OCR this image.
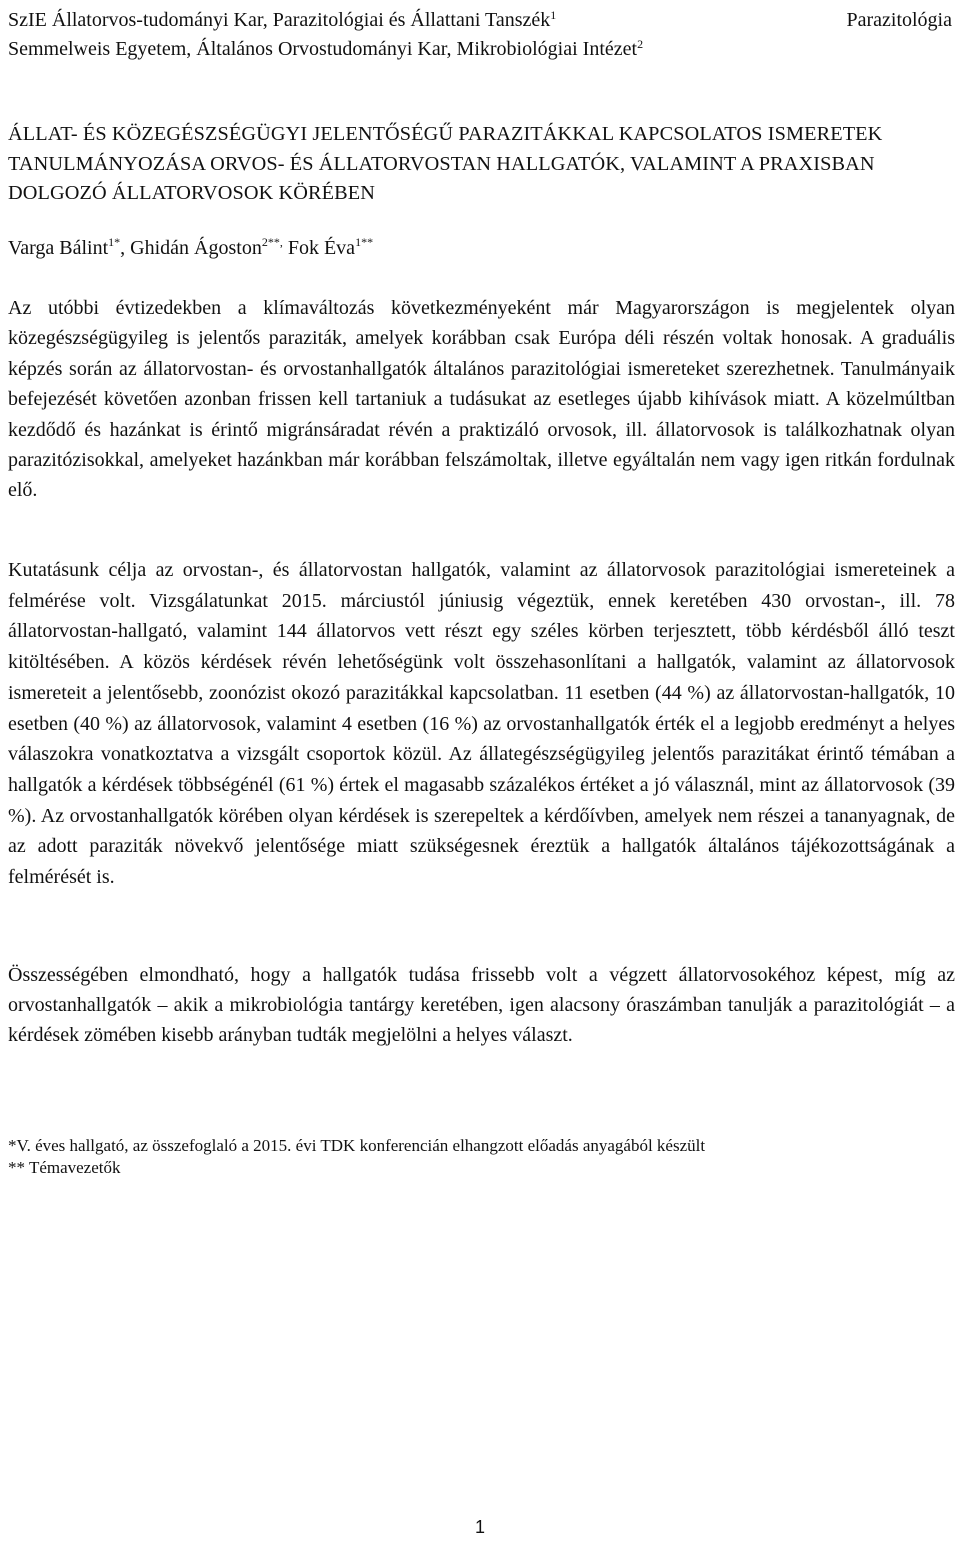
SzIE Állatorvos-tudományi Kar, Parazitológiai és Állattani Tanszék$^1$
Semmelweis Egyetem, Általános Orvostudományi Kar, Mikrobiológiai Intézet$^2$
Parazitológia
ÁLLAT- ÉS KÖZEGÉSZSÉGÜGYI JELENTŐSÉGŰ PARAZITÁKKAL KAPCSOLATOS ISMERETEK TANULMÁNYOZÁSA ORVOS- ÉS ÁLLATORVOSTAN HALLGATÓK, VALAMINT A PRAXISBAN DOLGOZÓ ÁLLATORVOSOK KÖRÉBEN
Varga Bálint$^{1*}$, Ghidán Ágoston$^{2**,}$ Fok Éva$^{1**}$

Az utóbbi évtizedekben a klímaváltozás következményeként már Magyarországon is megjelentek olyan közegészségügyileg is jelentős paraziták, amelyek korábban csak Európa déli részén voltak honosak. A graduális képzés során az állatorvostan- és orvostanhallgatók általános parazitológiai ismereteket szerezhetnek. Tanulmányaik befejezését követően azonban frissen kell tartaniuk a tudásukat az esetleges újabb kihívások miatt. A közelmúltban kezdődő és hazánkat is érintő migránsáradat révén a praktizáló orvosok, ill. állatorvosok is találkozhatnak olyan parazitózisokkal, amelyeket hazánkban már korábban felszámoltak, illetve egyáltalán nem vagy igen ritkán fordulnak elő.

Kutatásunk célja az orvostan-, és állatorvostan hallgatók, valamint az állatorvosok parazitológiai ismereteinek a felmérése volt. Vizsgálatunkat 2015. márciustól júniusig végeztük, ennek keretében 430 orvostan-, ill. 78 állatorvostan-hallgató, valamint 144 állatorvos vett részt egy széles körben terjesztett, több kérdésből álló teszt kitöltésében. A közös kérdések révén lehetőségünk volt összehasonlítani a hallgatók, valamint az állatorvosok ismereteit a jelentősebb, zoonózist okozó parazitákkal kapcsolatban. 11 esetben (44 %) az állatorvostan-hallgatók, 10 esetben (40 %) az állatorvosok, valamint 4 esetben (16 %) az orvostanhallgatók érték el a legjobb eredményt a helyes válaszokra vonatkoztatva a vizsgált csoportok közül. Az állategészségügyileg jelentős parazitákat érintő témában a hallgatók a kérdések többségénél (61 %) értek el magasabb százalékos értéket a jó válasznál, mint az állatorvosok (39 %). Az orvostanhallgatók körében olyan kérdések is szerepeltek a kérdőívben, amelyek nem részei a tananyagnak, de az adott paraziták növekvő jelentősége miatt szükségesnek éreztük a hallgatók általános tájékozottságának a felmérését is.

Összességében elmondható, hogy a hallgatók tudása frissebb volt a végzett állatorvosokéhoz képest, míg az orvostanhallgatók – akik a mikrobiológia tantárgy keretében, igen alacsony óraszámban tanulják a parazitológiát – a kérdések zömében kisebb arányban tudták megjelölni a helyes választ.

*V. éves hallgató, az összefoglaló a 2015. évi TDK konferencián elhangzott előadás anyagából készült
** Témavezetők
1
